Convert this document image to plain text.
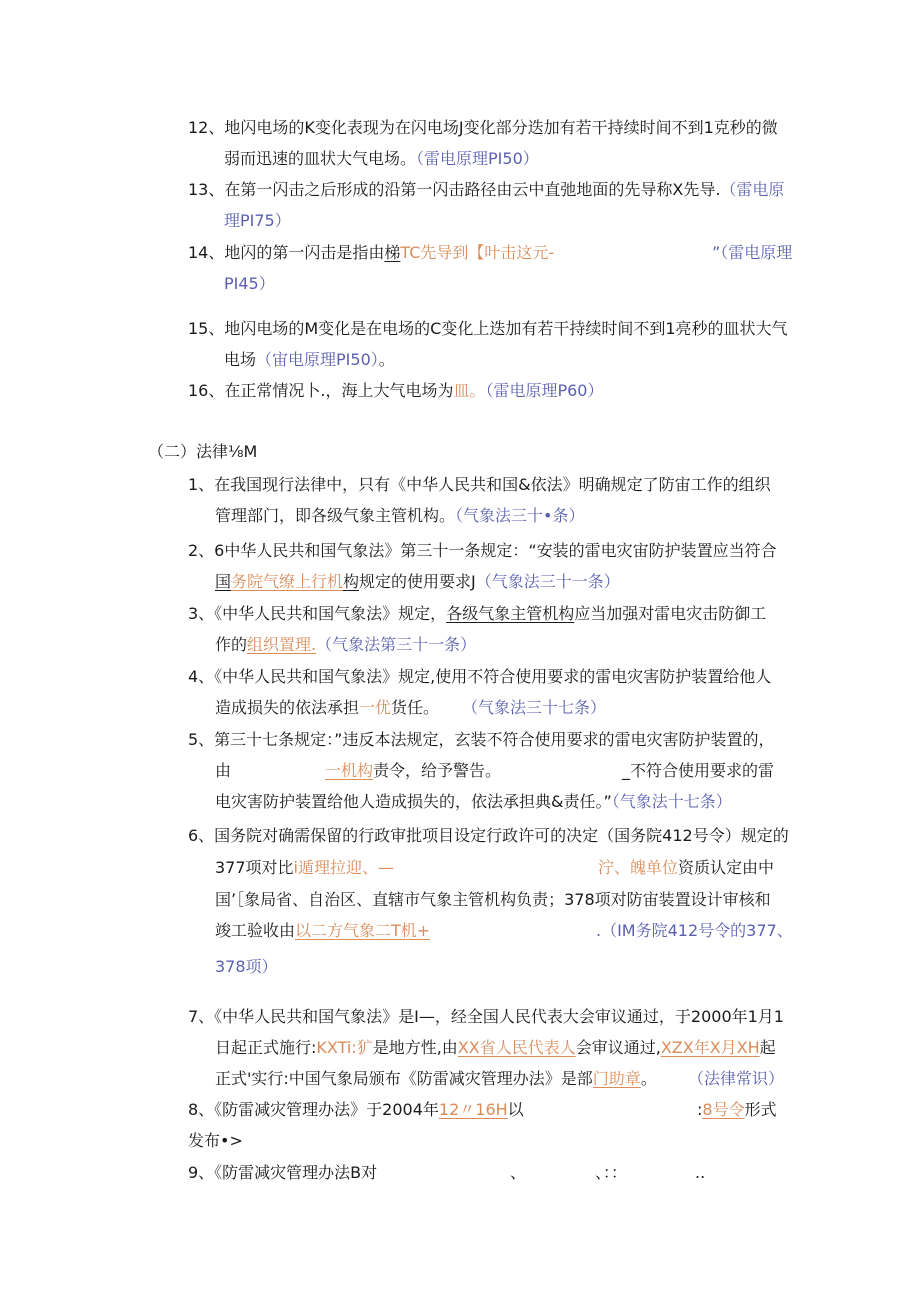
12、地闪电场的K变化表现为在闪电场J变化部分迭加有若干持续时间不到1克秒的微
弱而迅速的皿状大气电场。（雷电原理PI50）
13、在第一闪击之后形成的沿第一闪击路径由云中直弛地面的先导称X先导.（雷电原
理PI75）
14、地闪的第一闪击是指由梯TC先导到【叶击这元-	”（雷电原理
PI45）
15、地闪电场的M变化是在电场的C变化上迭加有若干持续时间不到1亮秒的皿状大气
电场（宙电原理PI50）。
16、在正常情况卜.，海上大气电场为皿。（雷电原理P60）
（二）法律⅛M
1、在我国现行法律中，只有《中华人民共和国&依法》明确规定了防宙工作的组织
管理部门，即各级气象主管机构。（气象法三十•条）
2、6中华人民共和国气象法》第三十一条规定：“安装的雷电灾宙防护装置应当符合
国务院气缭上行机构规定的使用要求J（气象法三十一条）
3、《中华人民共和国气象法》规定，各级气象主管机构应当加强对雷电灾击防御工
作的组织置理.（气象法第三十一条）
4、《中华人民共和国气象法》规定,使用不符合使用要求的雷电灾害防护装置给他人
造成损失的依法承担一优货任。 （气象法三十七条）
5、第三十七条规定：”违反本法规定，玄装不符合使用要求的雷电灾害防护装置的，
由	一机构责令，给予警告。	_不符合使用要求的雷
电灾害防护装置给他人造成损失的，依法承担典&责任。”（气象法十七条）
6、国务院对确需保留的行政审批项目设定行政许可的决定（国务院412号令）规定的
377项对比i遁理拉迎、—	泞、魄单位资质认定由中
国’［象局省、自治区、直辖市气象主管机构负责；378项对防宙装置设计审核和
竣工验收由以二方气象二T机+	.（IM务院412号令的377、
378项）
7、《中华人民共和国气象法》是I—，经全国人民代表大会审议通过，于2000年1月1
日起正式施行:KXTi:犷是地方性,由XX省人民代表人会审议通过,XZX年X月XH起
正式'实行:中国气象局颁布《防雷减灾管理办法》是部门助章。 （法律常识）
8、《防雷减灾管理办法》于2004年12〃16H以	:8号令形式
发布•>
9、《防雷减灾管理办法B对	、	、：：	..
